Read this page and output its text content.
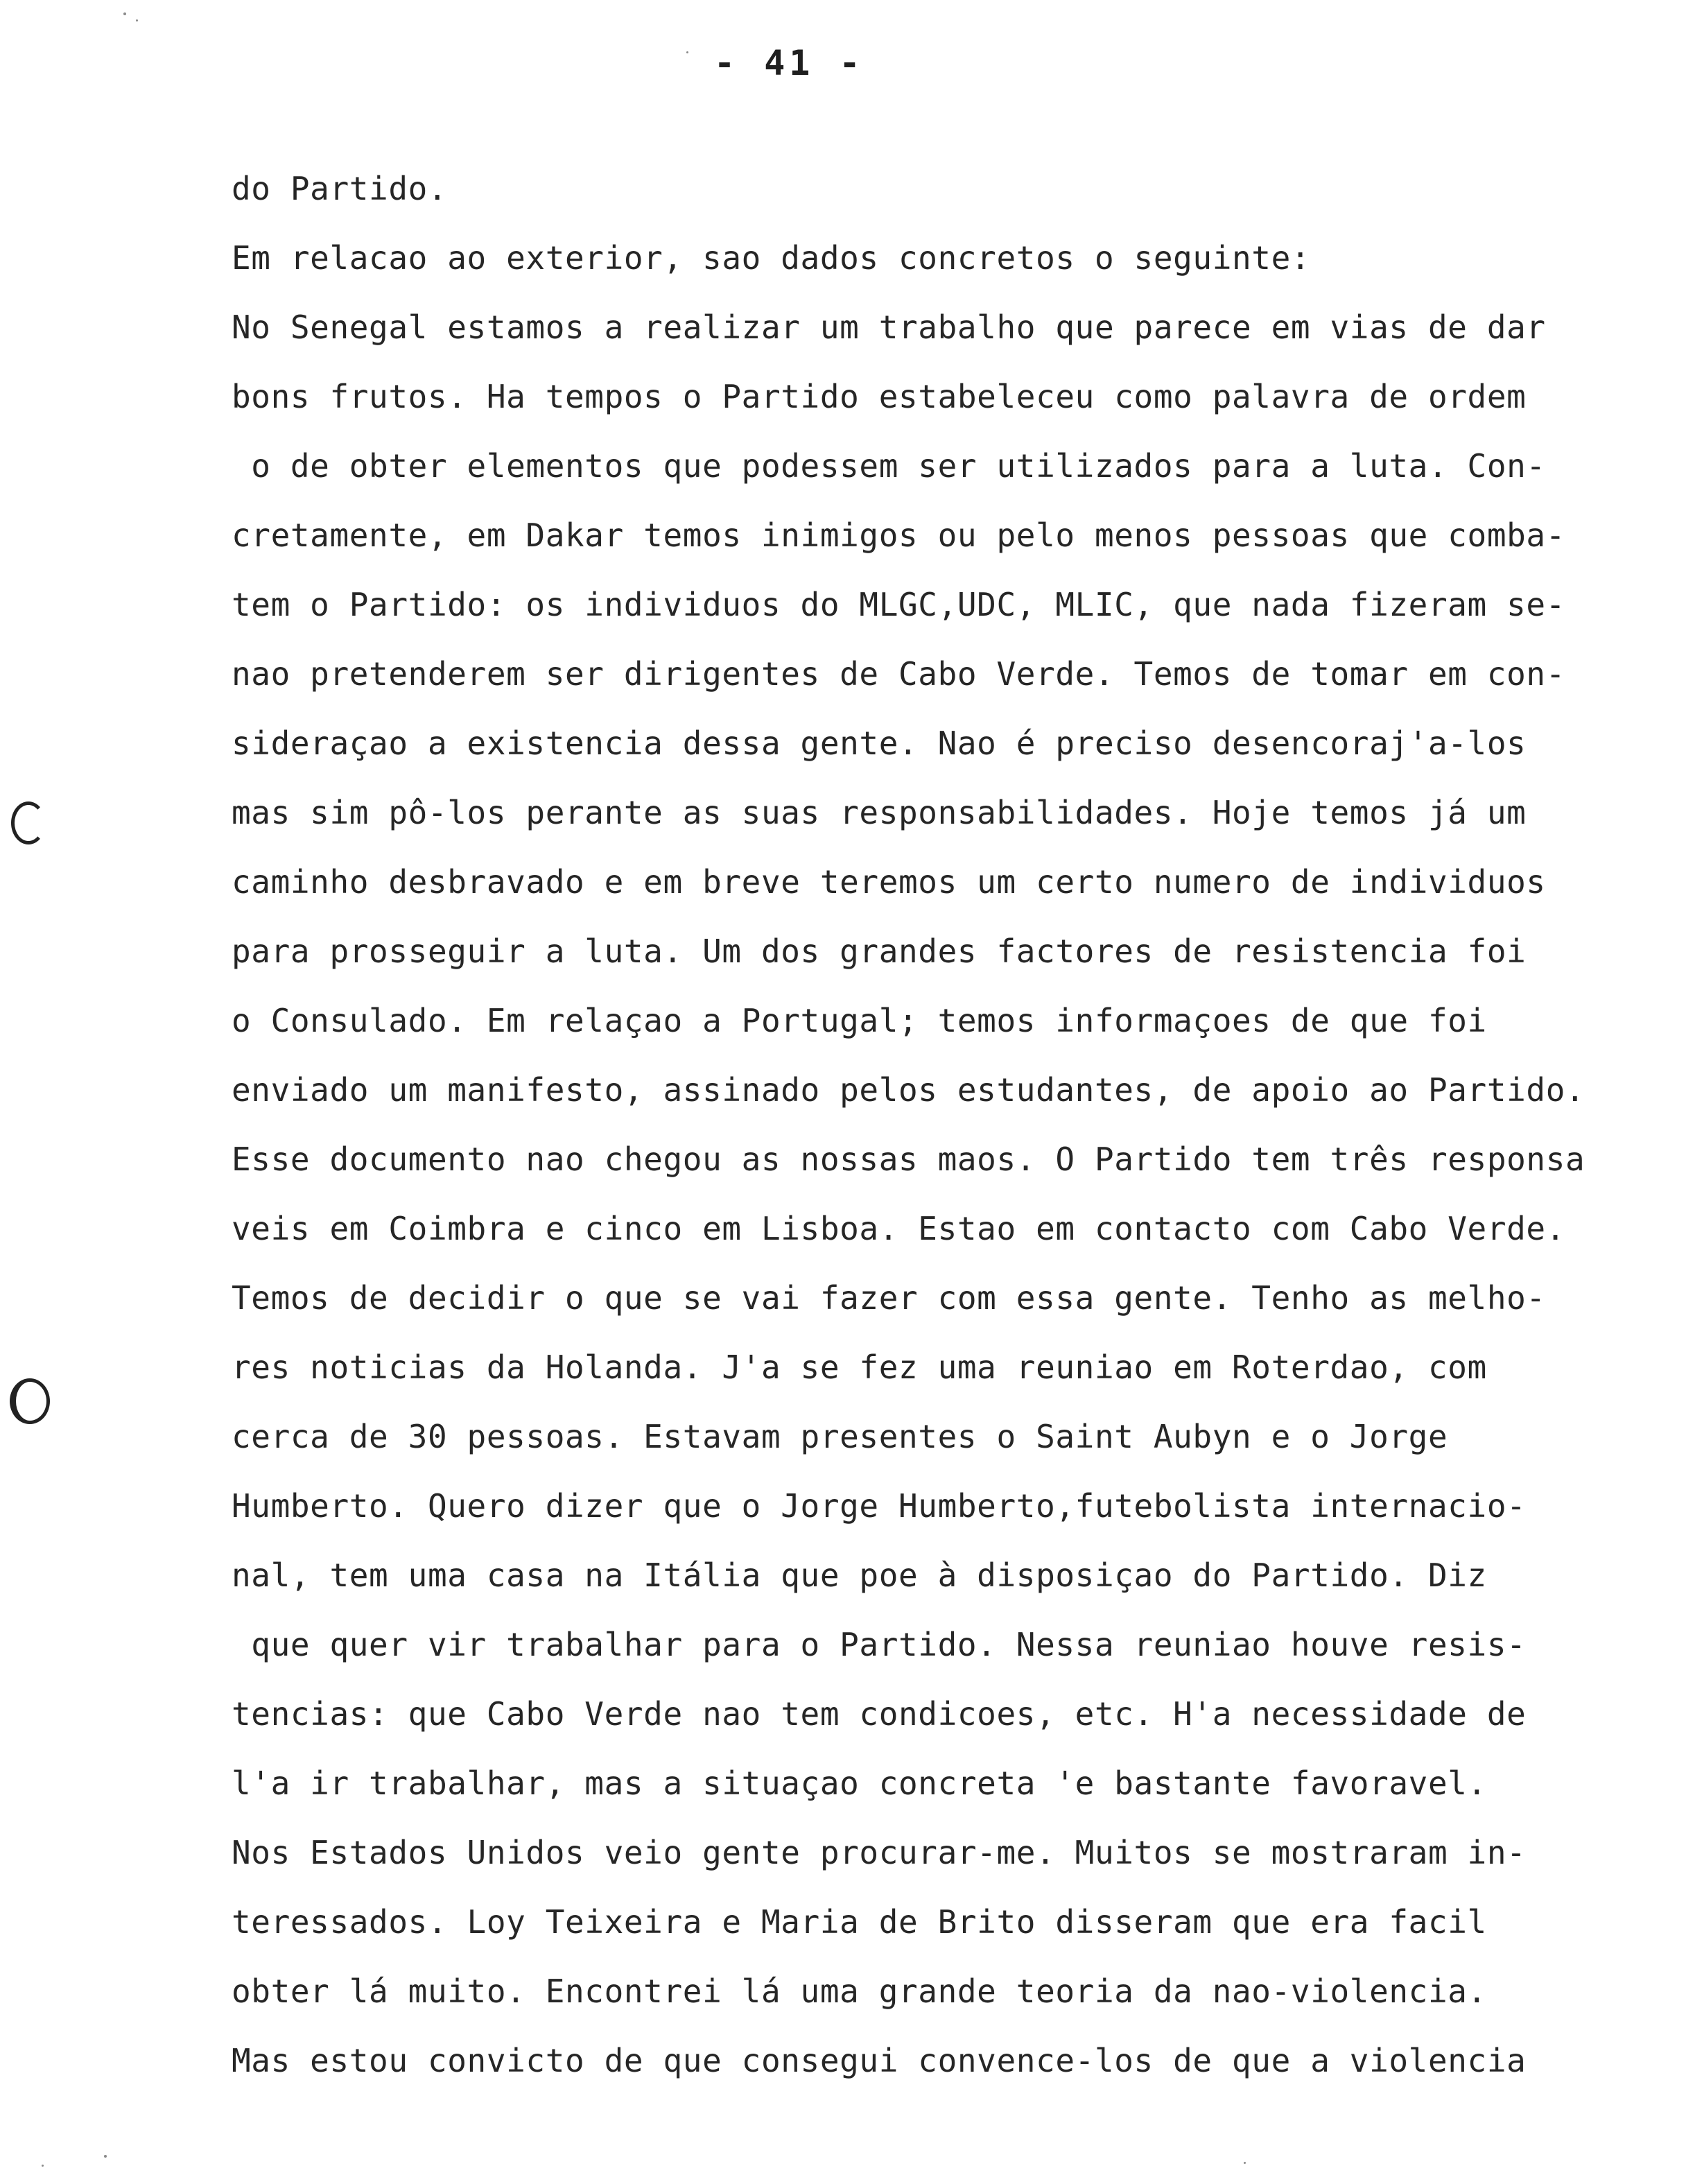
- 41 -
do Partido.
Em relacao ao exterior, sao dados concretos o seguinte:
No Senegal estamos a realizar um trabalho que parece em vias de dar
bons frutos. Ha tempos o Partido estabeleceu como palavra de ordem
o de obter elementos que podessem ser utilizados para a luta. Con-
cretamente, em Dakar temos inimigos ou pelo menos pessoas que comba-
tem o Partido: os individuos do MLGC,UDC, MLIC, que nada fizeram se-
nao pretenderem ser dirigentes de Cabo Verde. Temos de tomar em con-
sideraçao a existencia dessa gente. Nao é preciso desencoraj'a-los
mas sim pô-los perante as suas responsabilidades. Hoje temos já um
caminho desbravado e em breve teremos um certo numero de individuos
para prosseguir a luta. Um dos grandes factores de resistencia foi
o Consulado. Em relaçao a Portugal; temos informaçoes de que foi
enviado um manifesto, assinado pelos estudantes, de apoio ao Partido.
Esse documento nao chegou as nossas maos. O Partido tem três responsa
veis em Coimbra e cinco em Lisboa. Estao em contacto com Cabo Verde.
Temos de decidir o que se vai fazer com essa gente. Tenho as melho-
res noticias da Holanda. J'a se fez uma reuniao em Roterdao, com
cerca de 30 pessoas. Estavam presentes o Saint Aubyn e o Jorge
Humberto. Quero dizer que o Jorge Humberto,futebolista internacio-
nal, tem uma casa na Itália que poe à disposiçao do Partido. Diz
que quer vir trabalhar para o Partido. Nessa reuniao houve resis-
tencias: que Cabo Verde nao tem condicoes, etc. H'a necessidade de
l'a ir trabalhar, mas a situaçao concreta 'e bastante favoravel.
Nos Estados Unidos veio gente procurar-me. Muitos se mostraram in-
teressados. Loy Teixeira e Maria de Brito disseram que era facil
obter lá muito. Encontrei lá uma grande teoria da nao-violencia.
Mas estou convicto de que consegui convence-los de que a violencia
